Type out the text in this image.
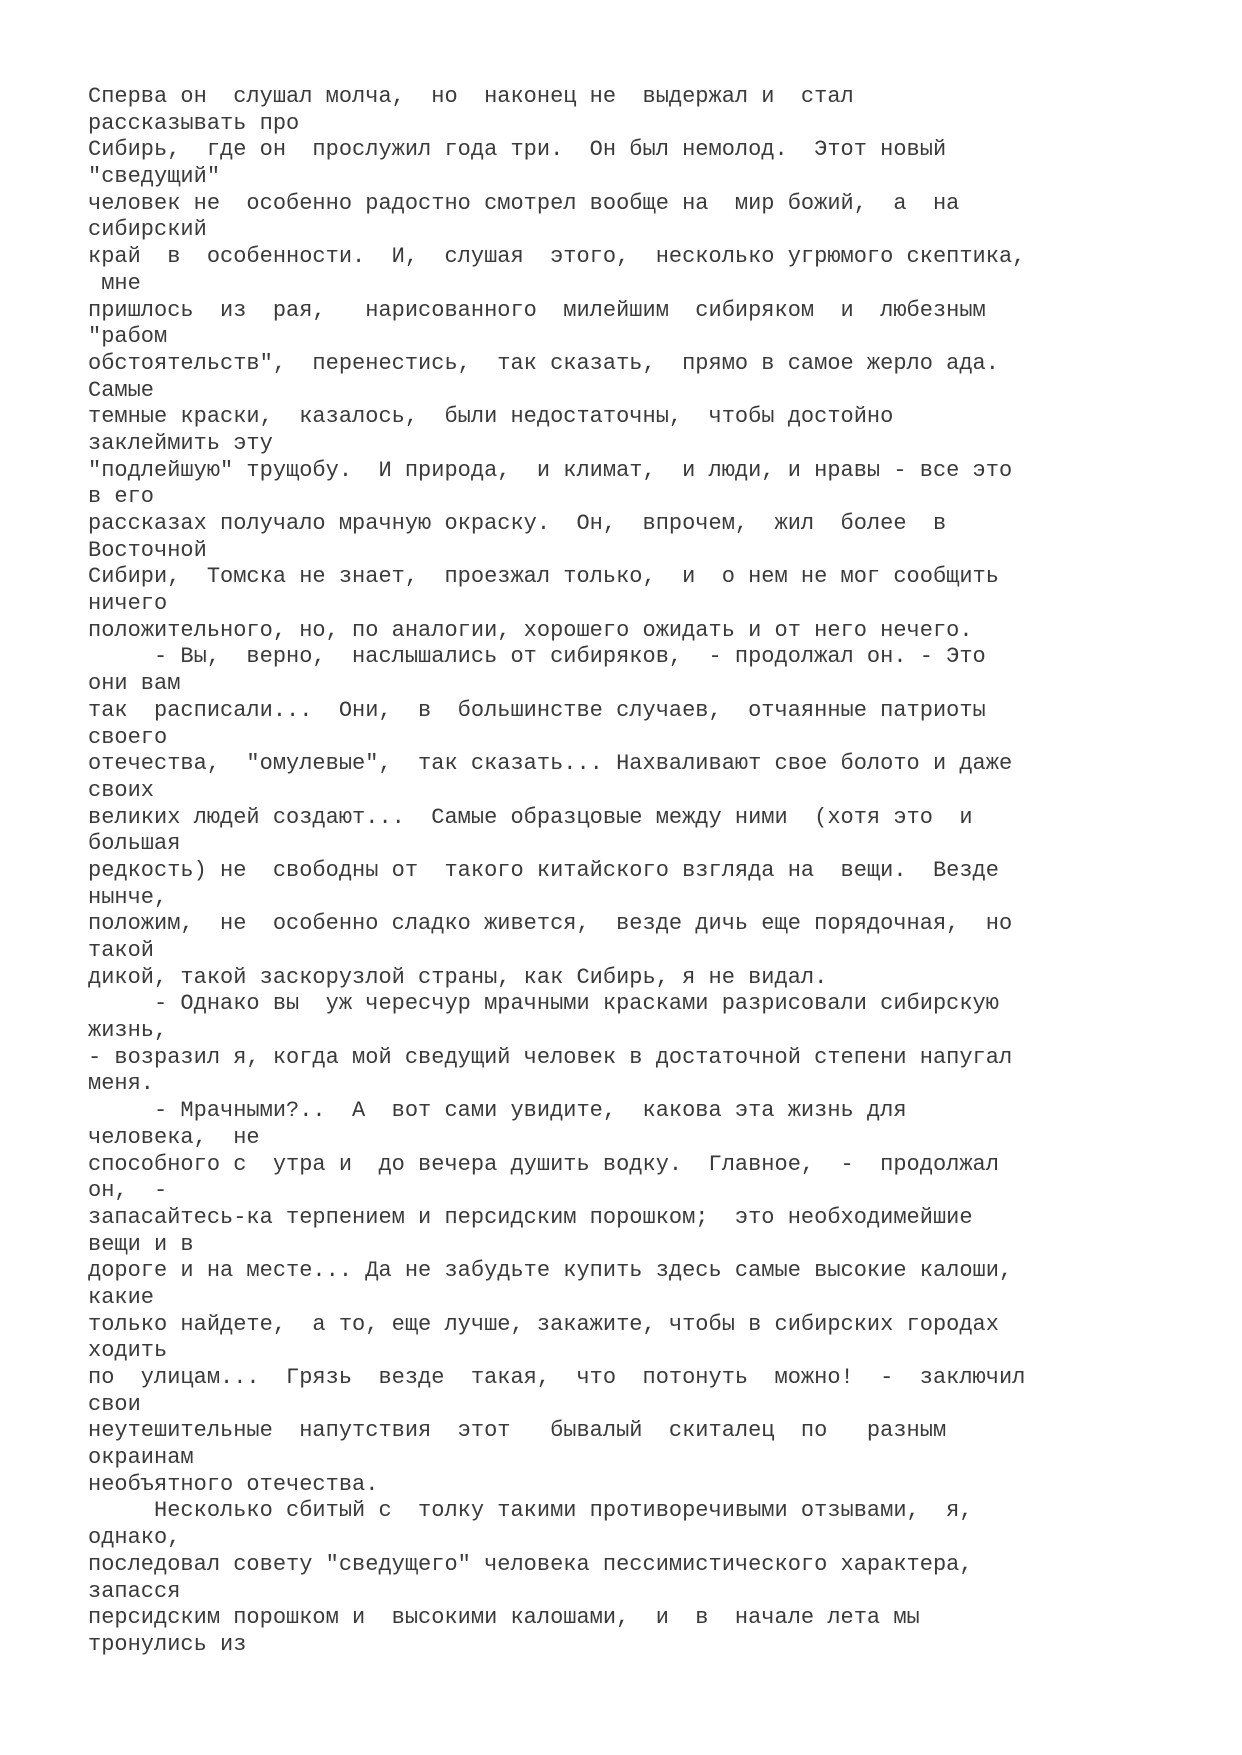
Сперва он  слушал молча,  но  наконец не  выдержал и  стал
рассказывать про
Сибирь,  где он  прослужил года три.  Он был немолод.  Этот новый
"сведущий"
человек не  особенно радостно смотрел вообще на  мир божий,  а  на
сибирский
край  в  особенности.  И,  слушая  этого,  несколько угрюмого скептика,
мне
пришлось  из  рая,   нарисованного  милейшим  сибиряком  и  любезным
"рабом
обстоятельств",  перенестись,  так сказать,  прямо в самое жерло ада.
Самые
темные краски,  казалось,  были недостаточны,  чтобы достойно
заклеймить эту
"подлейшую" трущобу.  И природа,  и климат,  и люди, и нравы - все это
в его
рассказах получало мрачную окраску.  Он,  впрочем,  жил  более  в
Восточной
Сибири,  Томска не знает,  проезжал только,  и  о нем не мог сообщить
ничего
положительного, но, по аналогии, хорошего ожидать и от него нечего.
- Вы,  верно,  наслышались от сибиряков,  - продолжал он. - Это
они вам
так  расписали...  Они,  в  большинстве случаев,  отчаянные патриоты
своего
отечества,  "омулевые",  так сказать... Нахваливают свое болото и даже
своих
великих людей создают...  Самые образцовые между ними  (хотя это  и
большая
редкость) не  свободны от  такого китайского взгляда на  вещи.  Везде
нынче,
положим,  не  особенно сладко живется,  везде дичь еще порядочная,  но
такой
дикой, такой заскорузлой страны, как Сибирь, я не видал.
- Однако вы  уж чересчур мрачными красками разрисовали сибирскую
жизнь,
- возразил я, когда мой сведущий человек в достаточной степени напугал
меня.
- Мрачными?..  А  вот сами увидите,  какова эта жизнь для
человека,  не
способного с  утра и  до вечера душить водку.  Главное,  -  продолжал
он,  -
запасайтесь-ка терпением и персидским порошком;  это необходимейшие
вещи и в
дороге и на месте... Да не забудьте купить здесь самые высокие калоши,
какие
только найдете,  а то, еще лучше, закажите, чтобы в сибирских городах
ходить
по  улицам...  Грязь  везде  такая,  что  потонуть  можно!  -  заключил
свои
неутешительные  напутствия  этот   бывалый  скиталец  по   разным
окраинам
необъятного отечества.
Несколько сбитый с  толку такими противоречивыми отзывами,  я,
однако,
последовал совету "сведущего" человека пессимистического характера,
запасся
персидским порошком и  высокими калошами,  и  в  начале лета мы
тронулись из
